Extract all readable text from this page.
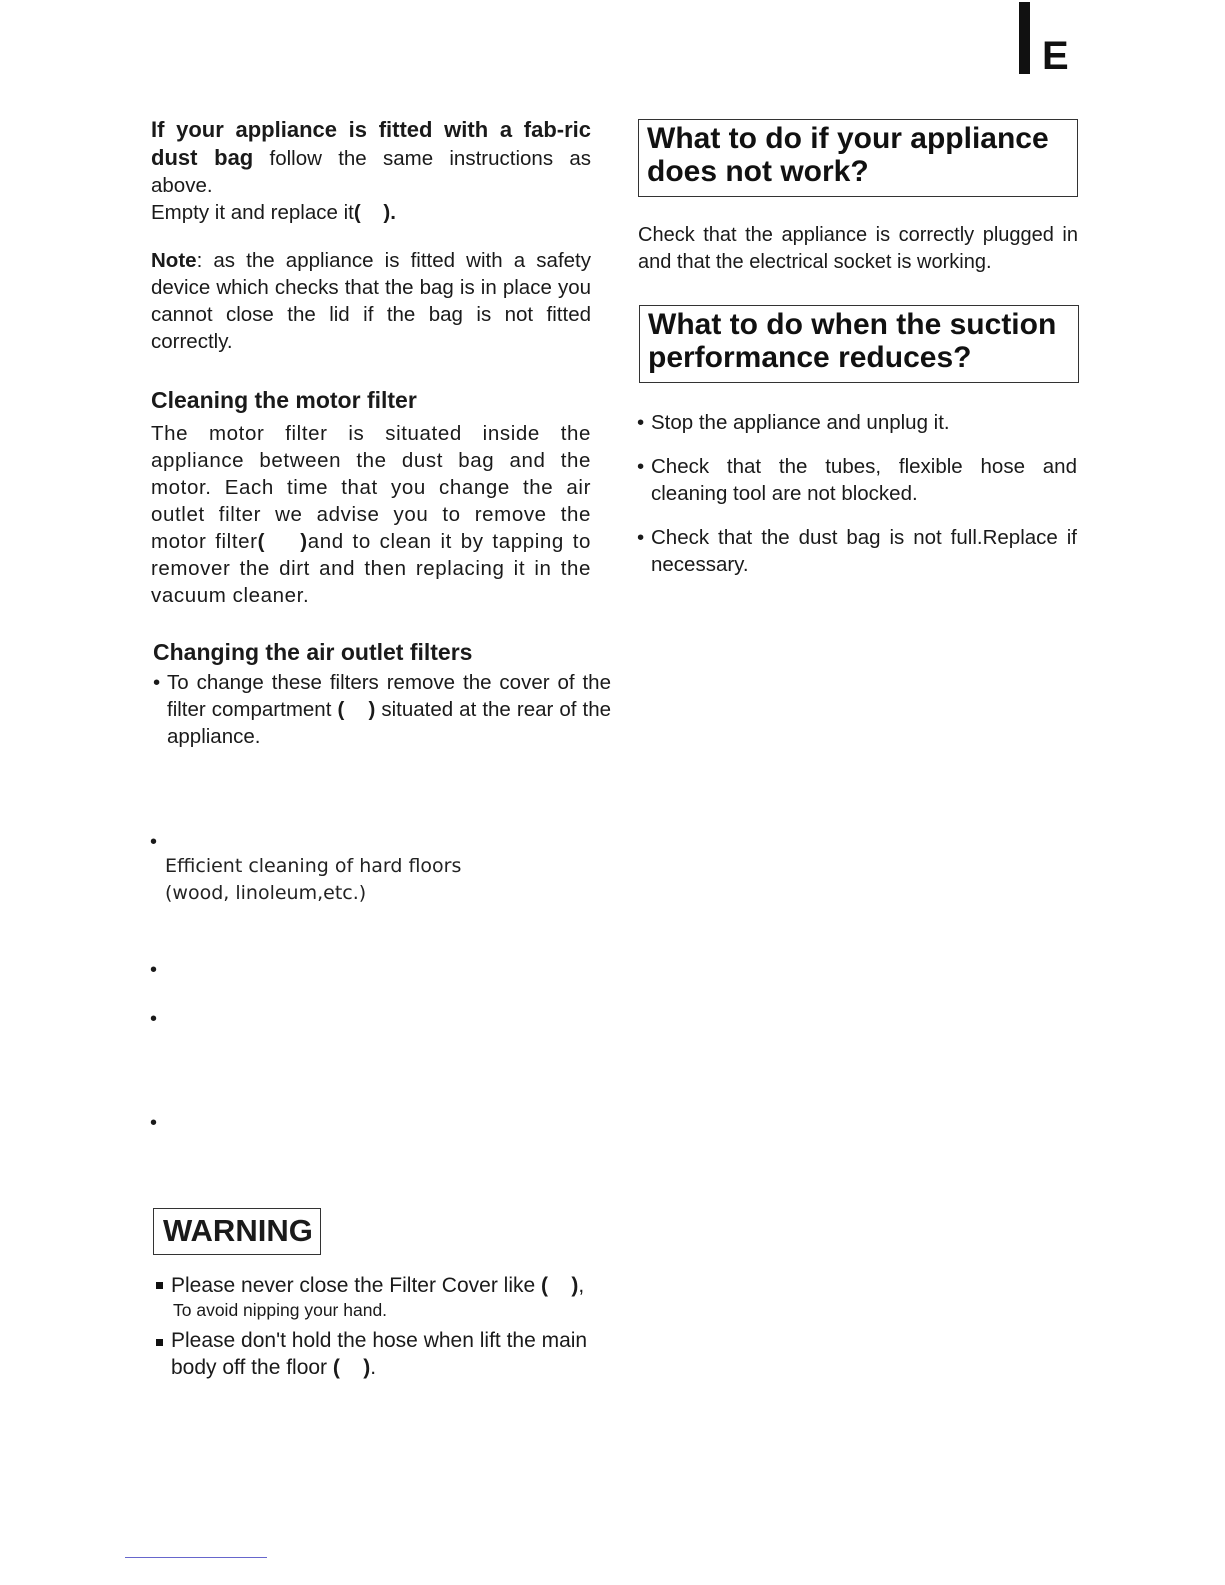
E

If your appliance is fitted with a fab-ric dust bag follow the same instructions as above.

Empty it and replace it(    ).

Note: as the appliance is fitted with a safety device which checks that the bag is in place you cannot close the lid if the bag is not fitted correctly.

Cleaning the motor filter

The motor filter is situated inside the appliance between the dust bag and the motor. Each time that you change the air outlet filter we advise you to remove the motor filter(    )and to clean it by tapping to remover the dirt and then replacing it in the vacuum cleaner.

Changing the air outlet filters
• To change these filters remove the cover of the filter compartment (    ) situated at the rear of the appliance.
•
Efficient cleaning of hard floors
(wood, linoleum,etc.)
•
•
•
WARNING
Please never close the Filter Cover like (    ),
To avoid nipping your hand.
Please don't hold the hose when lift the main body off the floor (    ).
What to do if your appliance does not work?

Check that the appliance is correctly plugged in and that the electrical socket is working.

What to do when the suction performance reduces?
• Stop the appliance and unplug it.
• Check that the tubes, flexible hose and cleaning tool are not blocked.
• Check that the dust bag is not full.Replace if necessary.
